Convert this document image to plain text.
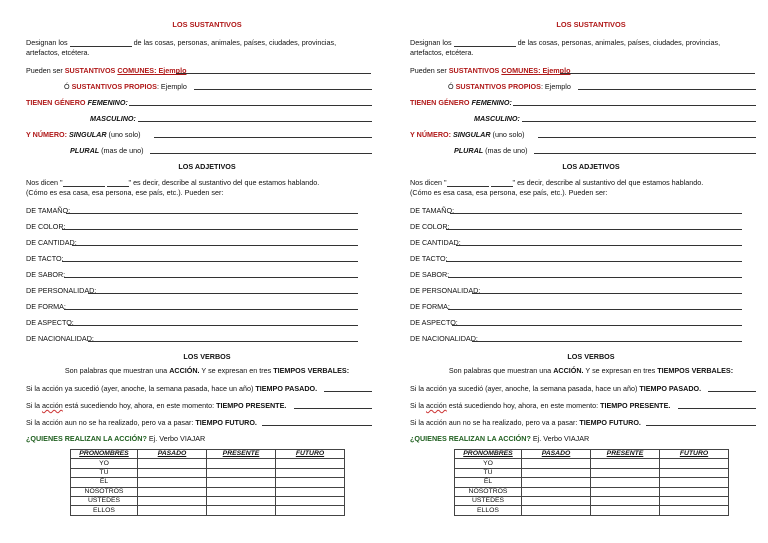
LOS SUSTANTIVOS
Designan los	de las cosas, personas, animales, países, ciudades, provincias,
artefactos, etcétera.
Pueden ser SUSTANTIVOS COMUNES: Ejemplo
Ó SUSTANTIVOS PROPIOS: Ejemplo
TIENEN GÉNERO FEMENINO:
MASCULINO:
Y NÚMERO: SINGULAR (uno solo)
PLURAL (mas de uno)
LOS ADJETIVOS
Nos dicen "	" es decir, describe al sustantivo del que estamos hablando.
(Cómo es esa casa, esa persona, ese país, etc.). Pueden ser:
DE TAMAÑO:
DE COLOR:
DE CANTIDAD:
DE TACTO:
DE SABOR:
DE PERSONALIDAD:
DE FORMA:
DE ASPECTO:
DE NACIONALIDAD:
LOS VERBOS
Son palabras que muestran una ACCIÓN. Y se expresan en tres TIEMPOS VERBALES:
Si la acción ya sucedió (ayer, anoche, la semana pasada, hace un año) TIEMPO PASADO.
Si la acción está sucediendo hoy, ahora, en este momento: TIEMPO PRESENTE.
Si la acción aun no se ha realizado, pero va a pasar: TIEMPO FUTURO.
¿QUIENES REALIZAN LA ACCIÓN? Ej. Verbo VIAJAR
PRONOMBRES	PASADO	PRESENTE	FUTURO
YO			
TÚ			
ÉL			
NOSOTROS			
USTEDES			
ELLOS			
LOS SUSTANTIVOS
Designan los	de las cosas, personas, animales, países, ciudades, provincias,
artefactos, etcétera.
Pueden ser SUSTANTIVOS COMUNES: Ejemplo
Ó SUSTANTIVOS PROPIOS: Ejemplo
TIENEN GÉNERO FEMENINO:
MASCULINO:
Y NÚMERO: SINGULAR (uno solo)
PLURAL (mas de uno)
LOS ADJETIVOS
Nos dicen "	" es decir, describe al sustantivo del que estamos hablando.
(Cómo es esa casa, esa persona, ese país, etc.). Pueden ser:
DE TAMAÑO:
DE COLOR:
DE CANTIDAD:
DE TACTO:
DE SABOR:
DE PERSONALIDAD:
DE FORMA:
DE ASPECTO:
DE NACIONALIDAD:
LOS VERBOS
Son palabras que muestran una ACCIÓN. Y se expresan en tres TIEMPOS VERBALES:
Si la acción ya sucedió (ayer, anoche, la semana pasada, hace un año) TIEMPO PASADO.
Si la acción está sucediendo hoy, ahora, en este momento: TIEMPO PRESENTE.
Si la acción aun no se ha realizado, pero va a pasar: TIEMPO FUTURO.
¿QUIENES REALIZAN LA ACCIÓN? Ej. Verbo VIAJAR
PRONOMBRES	PASADO	PRESENTE	FUTURO
YO			
TÚ			
ÉL			
NOSOTROS			
USTEDES			
ELLOS			
